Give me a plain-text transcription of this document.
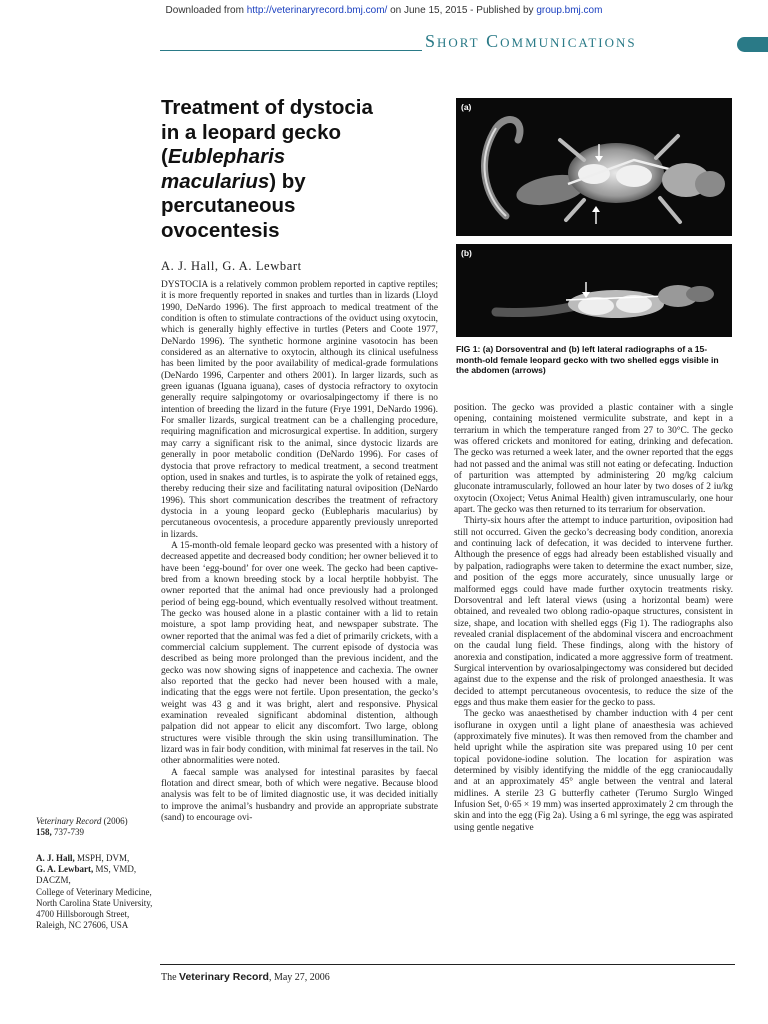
Downloaded from http://veterinaryrecord.bmj.com/ on June 15, 2015 - Published by group.bmj.com
Short Communications
Treatment of dystocia
in a leopard gecko
(Eublepharis
macularius) by
percutaneous
ovocentesis
A. J. Hall, G. A. Lewbart
(a)
(b)
FIG 1: (a) Dorsoventral and (b) left lateral radiographs of a 15-month-old female leopard gecko with two shelled eggs visible in the abdomen (arrows)

DYSTOCIA is a relatively common problem reported in captive reptiles; it is more frequently reported in snakes and turtles than in lizards (Lloyd 1990, DeNardo 1996). The first approach to medical treatment of the condition is often to stimulate contractions of the oviduct using oxytocin, which is generally highly effective in turtles (Peters and Coote 1977, DeNardo 1996). The synthetic hormone arginine vasotocin has been considered as an alternative to oxytocin, although its clinical usefulness has been limited by the poor availability of medical-grade formulations (DeNardo 1996, Carpenter and others 2001). In larger lizards, such as green iguanas (Iguana iguana), cases of dystocia refractory to oxytocin generally require salpingotomy or ovariosalpingectomy if there is no intention of breeding the lizard in the future (Frye 1991, DeNardo 1996). For smaller lizards, surgical treatment can be a challenging procedure, requiring magnification and microsurgical expertise. In addition, surgery may carry a significant risk to the animal, since dystocic lizards are generally in poor metabolic condition (DeNardo 1996). For cases of dystocia that prove refractory to medical treatment, a second treatment option, used in snakes and turtles, is to aspirate the yolk of retained eggs, thereby reducing their size and facilitating natural oviposition (DeNardo 1996). This short communication describes the treatment of refractory dystocia in a young leopard gecko (Eublepharis macularius) by percutaneous ovocentesis, a procedure apparently previously unreported in lizards.

A 15-month-old female leopard gecko was presented with a history of decreased appetite and decreased body condition; her owner believed it to have been ‘egg-bound’ for over one week. The gecko had been captive-bred from a known breeding stock by a local herptile hobbyist. The owner reported that the animal had once previously had a prolonged period of being egg-bound, which eventually resolved without treatment. The gecko was housed alone in a plastic container with a lid to retain moisture, a spot lamp providing heat, and newspaper substrate. The owner reported that the animal was fed a diet of primarily crickets, with a commercial calcium supplement. The current episode of dystocia was described as being more prolonged than the previous incident, and the gecko was now showing signs of inappetence and cachexia. The owner also reported that the gecko had never been housed with a male, indicating that the eggs were not fertile. Upon presentation, the gecko’s weight was 43 g and it was bright, alert and responsive. Physical examination revealed significant abdominal distention, although palpation did not appear to elicit any discomfort. Two large, oblong structures were visible through the skin using transillumination. The lizard was in fair body condition, with minimal fat reserves in the tail. No other abnormalities were noted.

A faecal sample was analysed for intestinal parasites by faecal flotation and direct smear, both of which were negative. Because blood analysis was felt to be of limited diagnostic use, it was decided initially to improve the animal’s husbandry and provide an appropriate substrate (sand) to encourage ovi-

position. The gecko was provided a plastic container with a single opening, containing moistened vermiculite substrate, and kept in a terrarium in which the temperature ranged from 27 to 30°C. The gecko was offered crickets and monitored for eating, drinking and defecation. The gecko was returned a week later, and the owner reported that the eggs had not passed and the animal was still not eating or defecating. Induction of parturition was attempted by administering 20 mg/kg calcium gluconate intramuscularly, followed an hour later by two doses of 2 iu/kg oxytocin (Oxoject; Vetus Animal Health) given intramuscularly, one hour apart. The gecko was then returned to its terrarium for observation.

Thirty-six hours after the attempt to induce parturition, oviposition had still not occurred. Given the gecko’s decreasing body condition, anorexia and continuing lack of defecation, it was decided to intervene further. Although the presence of eggs had already been established visually and by palpation, radiographs were taken to determine the exact number, size, and position of the eggs more accurately, since unusually large or malformed eggs could have made further oxytocin treatments risky. Dorsoventral and left lateral views (using a horizontal beam) were obtained, and revealed two oblong radio-opaque structures, consistent in size, shape, and location with shelled eggs (Fig 1). The radiographs also revealed cranial displacement of the abdominal viscera and encroachment on the caudal lung field. These findings, along with the history of anorexia and constipation, indicated a more aggressive form of treatment. Surgical intervention by ovariosalpingectomy was considered but decided against due to the expense and the risk of prolonged anaesthesia. It was decided to attempt percutaneous ovocentesis, to reduce the size of the eggs and thus make them easier for the gecko to pass.

The gecko was anaesthetised by chamber induction with 4 per cent isoflurane in oxygen until a light plane of anaesthesia was achieved (approximately five minutes). It was then removed from the chamber and held upright while the aspiration site was prepared using 10 per cent topical povidone-iodine solution. The location for aspiration was determined by visibly identifying the middle of the egg craniocaudally and at an approximately 45° angle between the ventral and lateral midlines. A sterile 23 G butterfly catheter (Terumo Surglo Winged Infusion Set, 0·65 × 19 mm) was inserted approximately 2 cm through the skin and into the egg (Fig 2a). Using a 6 ml syringe, the egg was aspirated using gentle negative

Veterinary Record (2006)
158, 737-739

A. J. Hall, MSPH, DVM,

G. A. Lewbart, MS, VMD, DACZM,

College of Veterinary Medicine, North Carolina State University, 4700 Hillsborough Street, Raleigh, NC 27606, USA

The Veterinary Record, May 27, 2006
